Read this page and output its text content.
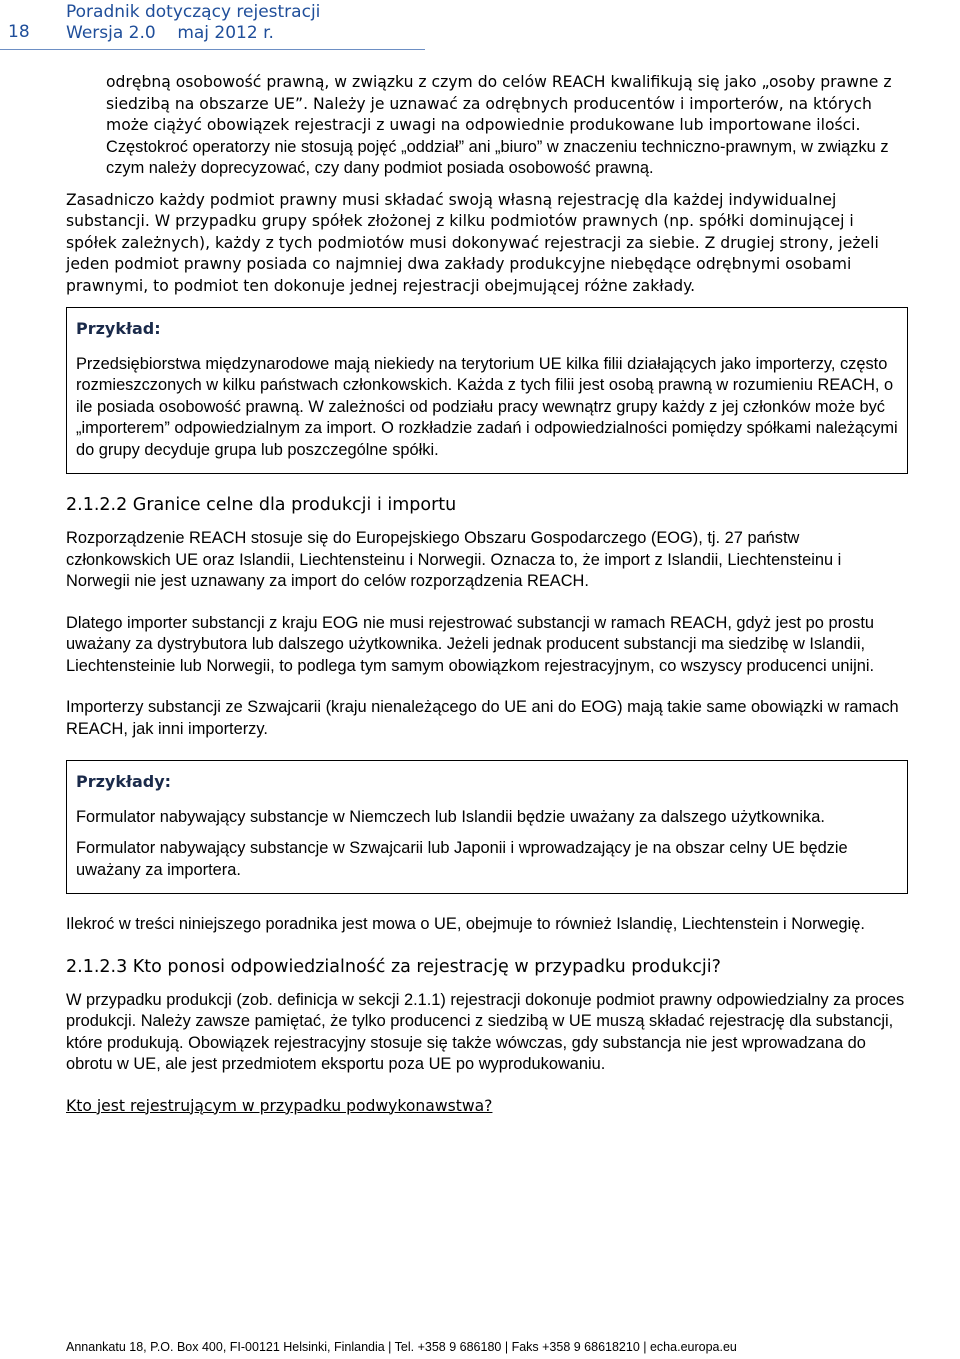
18
Poradnik dotyczący rejestracji
Wersja 2.0    maj 2012 r.

odrębną osobowość prawną, w związku z czym do celów REACH kwalifikują się jako „osoby prawne z siedzibą na obszarze UE”. Należy je uznawać za odrębnych producentów i importerów, na których może ciążyć obowiązek rejestracji z uwagi na odpowiednie produkowane lub importowane ilości. Częstokroć operatorzy nie stosują pojęć „oddział” ani „biuro” w znaczeniu techniczno-prawnym, w związku z czym należy doprecyzować, czy dany podmiot posiada osobowość prawną.

Zasadniczo każdy podmiot prawny musi składać swoją własną rejestrację dla każdej indywidualnej substancji. W przypadku grupy spółek złożonej z kilku podmiotów prawnych (np. spółki dominującej i spółek zależnych), każdy z tych podmiotów musi dokonywać rejestracji za siebie. Z drugiej strony, jeżeli jeden podmiot prawny posiada co najmniej dwa zakłady produkcyjne niebędące odrębnymi osobami prawnymi, to podmiot ten dokonuje jednej rejestracji obejmującej różne zakłady.

Przykład:

Przedsiębiorstwa międzynarodowe mają niekiedy na terytorium UE kilka filii działających jako importerzy, często rozmieszczonych w kilku państwach członkowskich. Każda z tych filii jest osobą prawną w rozumieniu REACH, o ile posiada osobowość prawną. W zależności od podziału pracy wewnątrz grupy każdy z jej członków może być „importerem” odpowiedzialnym za import. O rozkładzie zadań i odpowiedzialności pomiędzy spółkami należącymi do grupy decyduje grupa lub poszczególne spółki.

2.1.2.2 Granice celne dla produkcji i importu

Rozporządzenie REACH stosuje się do Europejskiego Obszaru Gospodarczego (EOG), tj. 27 państw członkowskich UE oraz Islandii, Liechtensteinu i Norwegii. Oznacza to, że import z Islandii, Liechtensteinu i Norwegii nie jest uznawany za import do celów rozporządzenia REACH.

Dlatego importer substancji z kraju EOG nie musi rejestrować substancji w ramach REACH, gdyż jest po prostu uważany za dystrybutora lub dalszego użytkownika. Jeżeli jednak producent substancji ma siedzibę w Islandii, Liechtensteinie lub Norwegii, to podlega tym samym obowiązkom rejestracyjnym, co wszyscy producenci unijni.

Importerzy substancji ze Szwajcarii (kraju nienależącego do UE ani do EOG) mają takie same obowiązki w ramach REACH, jak inni importerzy.

Przykłady:

Formulator nabywający substancje w Niemczech lub Islandii będzie uważany za dalszego użytkownika.

Formulator nabywający substancje w Szwajcarii lub Japonii i wprowadzający je na obszar celny UE będzie uważany za importera.

Ilekroć w treści niniejszego poradnika jest mowa o UE, obejmuje to również Islandię, Liechtenstein i Norwegię.

2.1.2.3 Kto ponosi odpowiedzialność za rejestrację w przypadku produkcji?

W przypadku produkcji (zob. definicja w sekcji 2.1.1) rejestracji dokonuje podmiot prawny odpowiedzialny za proces produkcji. Należy zawsze pamiętać, że tylko producenci z siedzibą w UE muszą składać rejestrację dla substancji, które produkują. Obowiązek rejestracyjny stosuje się także wówczas, gdy substancja nie jest wprowadzana do obrotu w UE, ale jest przedmiotem eksportu poza UE po wyprodukowaniu.

Kto jest rejestrującym w przypadku podwykonawstwa?
Annankatu 18, P.O. Box 400, FI-00121 Helsinki, Finlandia | Tel. +358 9 686180 | Faks +358 9 68618210 | echa.europa.eu
